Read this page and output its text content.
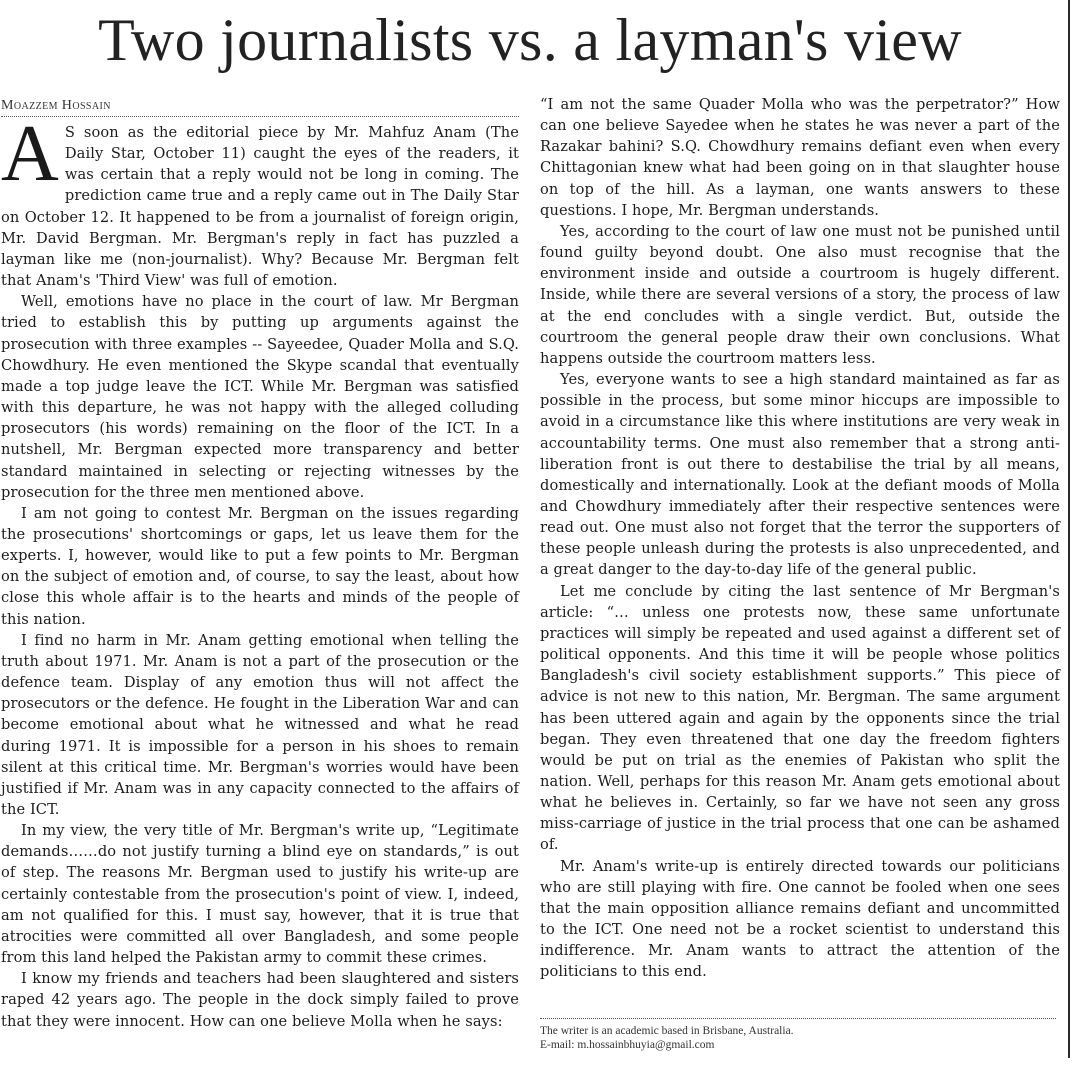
Two journalists vs. a layman's view
Moazzem Hossain

A S soon as the editorial piece by Mr. Mahfuz Anam (The Daily Star, October 11) caught the eyes of the readers, it was certain that a reply would not be long in coming. The prediction came true and a reply came out in The Daily Star on October 12. It happened to be from a journalist of foreign origin, Mr. David Bergman. Mr. Bergman's reply in fact has puzzled a layman like me (non-journalist). Why? Because Mr. Bergman felt that Anam's 'Third View' was full of emotion.

Well, emotions have no place in the court of law. Mr Bergman tried to establish this by putting up arguments against the prosecution with three examples -- Sayeedee, Quader Molla and S.Q. Chowdhury. He even mentioned the Skype scandal that eventually made a top judge leave the ICT. While Mr. Bergman was satisfied with this departure, he was not happy with the alleged colluding prosecutors (his words) remaining on the floor of the ICT. In a nutshell, Mr. Bergman expected more transparency and better standard maintained in selecting or rejecting witnesses by the prosecution for the three men mentioned above.

I am not going to contest Mr. Bergman on the issues regarding the prosecutions' shortcomings or gaps, let us leave them for the experts. I, however, would like to put a few points to Mr. Bergman on the subject of emotion and, of course, to say the least, about how close this whole affair is to the hearts and minds of the people of this nation.

I find no harm in Mr. Anam getting emotional when telling the truth about 1971. Mr. Anam is not a part of the prosecution or the defence team. Display of any emotion thus will not affect the prosecutors or the defence. He fought in the Liberation War and can become emotional about what he witnessed and what he read during 1971. It is impossible for a person in his shoes to remain silent at this critical time. Mr. Bergman's worries would have been justified if Mr. Anam was in any capacity connected to the affairs of the ICT.

In my view, the very title of Mr. Bergman's write up, “Legitimate demands……do not justify turning a blind eye on standards,” is out of step. The reasons Mr. Bergman used to justify his write-up are certainly contestable from the prosecution's point of view. I, indeed, am not qualified for this. I must say, however, that it is true that atrocities were committed all over Bangladesh, and some people from this land helped the Pakistan army to commit these crimes.

I know my friends and teachers had been slaughtered and sisters raped 42 years ago. The people in the dock simply failed to prove that they were innocent. How can one believe Molla when he says:

“I am not the same Quader Molla who was the perpetrator?” How can one believe Sayedee when he states he was never a part of the Razakar bahini? S.Q. Chowdhury remains defiant even when every Chittagonian knew what had been going on in that slaughter house on top of the hill. As a layman, one wants answers to these questions. I hope, Mr. Bergman understands.

Yes, according to the court of law one must not be punished until found guilty beyond doubt. One also must recognise that the environment inside and outside a courtroom is hugely different. Inside, while there are several versions of a story, the process of law at the end concludes with a single verdict. But, outside the courtroom the general people draw their own conclusions. What happens outside the courtroom matters less.

Yes, everyone wants to see a high standard maintained as far as possible in the process, but some minor hiccups are impossible to avoid in a circumstance like this where institutions are very weak in accountability terms. One must also remember that a strong anti-liberation front is out there to destabilise the trial by all means, domestically and internationally. Look at the defiant moods of Molla and Chowdhury immediately after their respective sentences were read out. One must also not forget that the terror the supporters of these people unleash during the protests is also unprecedented, and a great danger to the day-to-day life of the general public.

Let me conclude by citing the last sentence of Mr Bergman's article: “… unless one protests now, these same unfortunate practices will simply be repeated and used against a different set of political opponents. And this time it will be people whose politics Bangladesh's civil society establishment supports.” This piece of advice is not new to this nation, Mr. Bergman. The same argument has been uttered again and again by the opponents since the trial began. They even threatened that one day the freedom fighters would be put on trial as the enemies of Pakistan who split the nation. Well, perhaps for this reason Mr. Anam gets emotional about what he believes in. Certainly, so far we have not seen any gross miss-carriage of justice in the trial process that one can be ashamed of.

Mr. Anam's write-up is entirely directed towards our politicians who are still playing with fire. One cannot be fooled when one sees that the main opposition alliance remains defiant and uncommitted to the ICT. One need not be a rocket scientist to understand this indifference. Mr. Anam wants to attract the attention of the politicians to this end.

The writer is an academic based in Brisbane, Australia.
E-mail: m.hossainbhuyia@gmail.com
